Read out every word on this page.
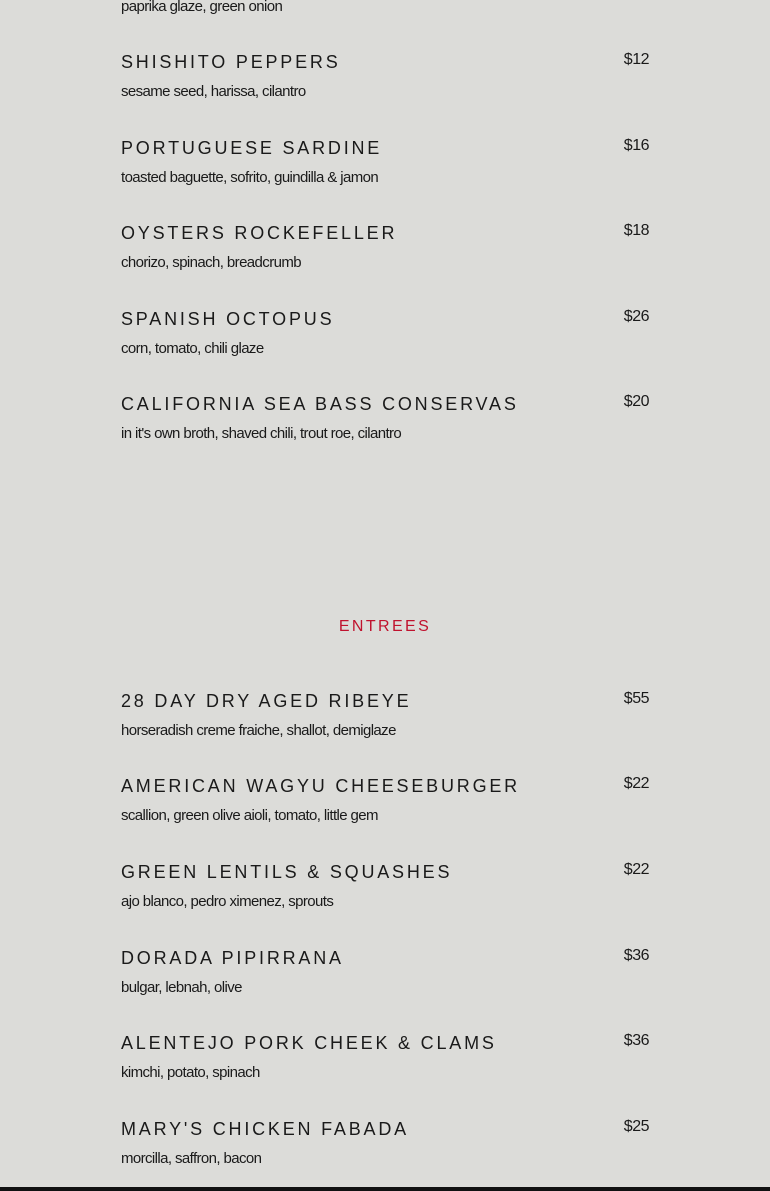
paprika glaze, green onion
SHISHITO PEPPERS	$12
sesame seed, harissa, cilantro
PORTUGUESE SARDINE	$16
toasted baguette, sofrito, guindilla & jamon
OYSTERS ROCKEFELLER	$18
chorizo, spinach, breadcrumb
SPANISH OCTOPUS	$26
corn, tomato, chili glaze
CALIFORNIA SEA BASS CONSERVAS	$20
in it's own broth, shaved chili, trout roe, cilantro
ENTREES
28 DAY DRY AGED RIBEYE	$55
horseradish creme fraiche, shallot, demiglaze
AMERICAN WAGYU CHEESEBURGER	$22
scallion, green olive aioli, tomato, little gem
GREEN LENTILS & SQUASHES	$22
ajo blanco, pedro ximenez, sprouts
DORADA PIPIRRANA	$36
bulgar, lebnah, olive
ALENTEJO PORK CHEEK & CLAMS	$36
kimchi, potato, spinach
MARY'S CHICKEN FABADA	$25
morcilla, saffron, bacon
